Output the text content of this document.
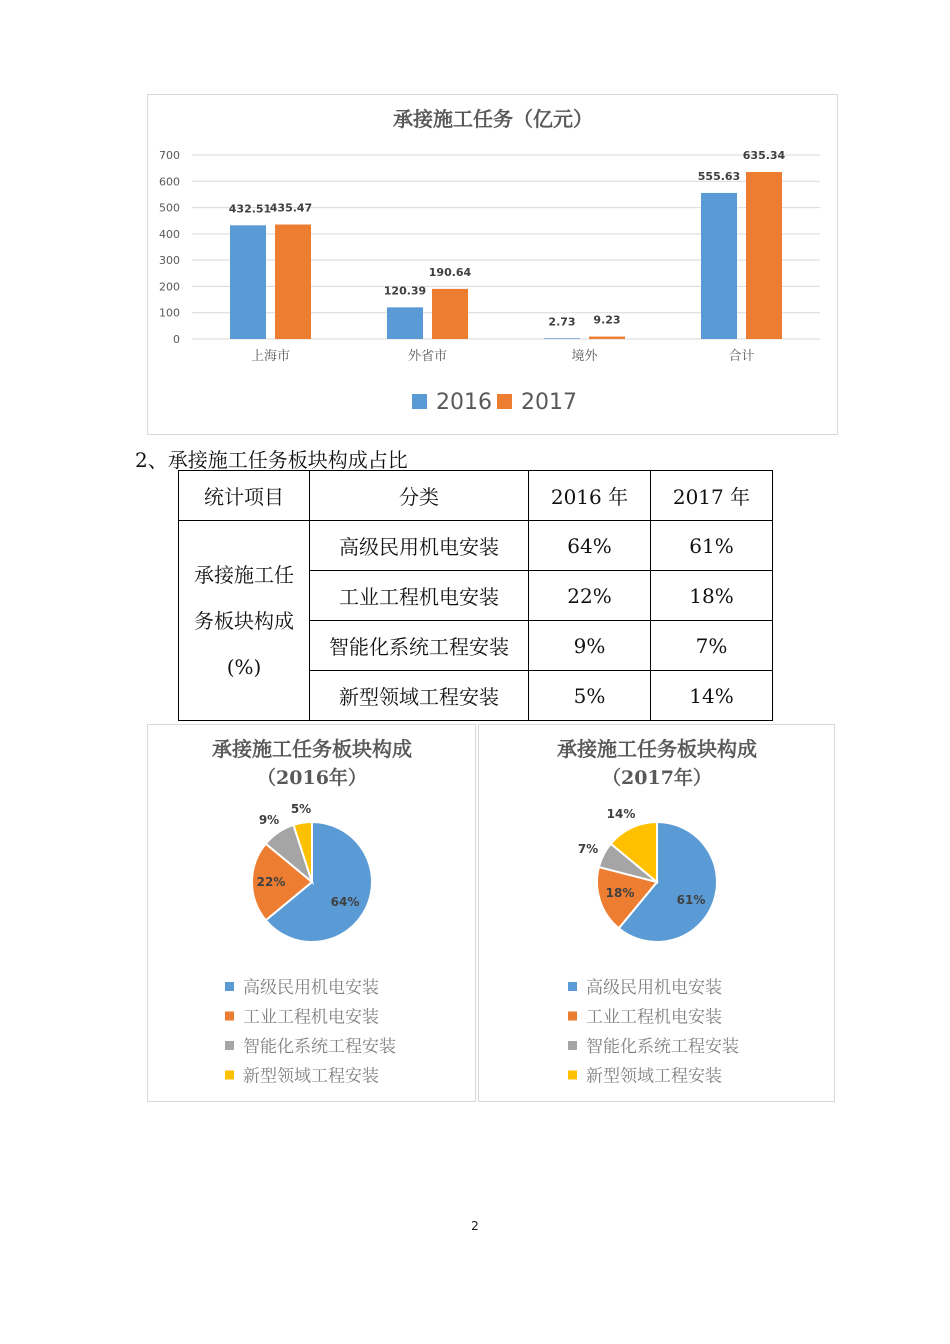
承接施工任务（亿元）
0
100
200
300
400
500
600
700
上海市
432.51
435.47
外省市
120.39
190.64
境外
2.73 9.23
合计
555.63
635.34
2016 2017
2、承接施工任务板块构成占比
统计项目	分类	2016 年	2017 年

承接施工任
务板块构成
(%)	高级民用机电安装	64%	61%
	工业工程机电安装	22%	18%
	智能化系统工程安装	9%	7%
	新型领域工程安装	5%	14%
承接施工任务板块构成
（2016年）
64%
22%
9%
5%
高级民用机电安装
工业工程机电安装
智能化系统工程安装
新型领域工程安装
承接施工任务板块构成
（2017年）
61%
18%
7%
14%
高级民用机电安装
工业工程机电安装
智能化系统工程安装
新型领域工程安装
2
